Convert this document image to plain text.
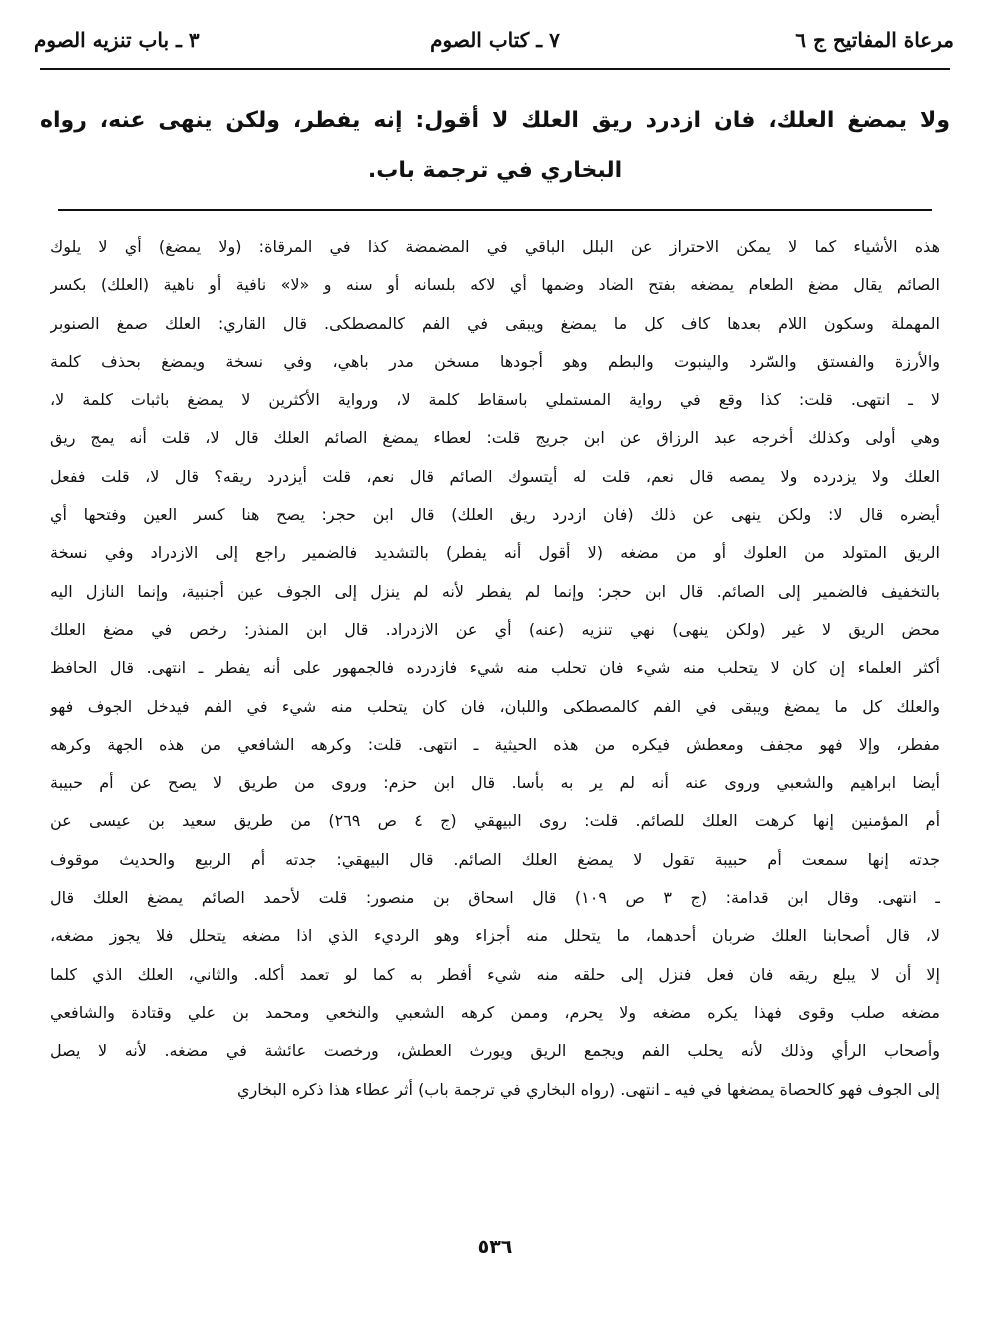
مرعاة المفاتيح ج ٦
٧ ـ كتاب الصوم
٣ ـ باب تنزيه الصوم
ولا يمضغ العلك، فان ازدرد ريق العلك لا أقول: إنه يفطر، ولكن ينهى عنه، رواه البخاري في ترجمة باب.
هذه الأشياء كما لا يمكن الاحتراز عن البلل الباقي في المضمضة كذا في المرقاة: (ولا يمضغ) أي لا يلوك
الصائم يقال مضغ الطعام يمضغه بفتح الضاد وضمها أي لاكه بلسانه أو سنه و «لا» نافية أو ناهية (العلك) بكسر
المهملة وسكون اللام بعدها كاف كل ما يمضغ ويبقى في الفم كالمصطكى. قال القاري: العلك صمغ الصنوبر
والأرزة والفستق والسّرد والينبوت والبطم وهو أجودها مسخن مدر باهي، وفي نسخة ويمضغ بحذف كلمة
لا ـ انتهى. قلت: كذا وقع في رواية المستملي باسقاط كلمة لا، ورواية الأكثرين لا يمضغ باثبات كلمة لا،
وهي أولى وكذلك أخرجه عبد الرزاق عن ابن جريج قلت: لعطاء يمضغ الصائم العلك قال لا، قلت أنه يمج ريق
العلك ولا يزدرده ولا يمصه قال نعم، قلت له أيتسوك الصائم قال نعم، قلت أيزدرد ريقه؟ قال لا، قلت ففعل
أيضره قال لا: ولكن ينهى عن ذلك (فان ازدرد ريق العلك) قال ابن حجر: يصح هنا كسر العين وفتحها أي
الريق المتولد من العلوك أو من مضغه (لا أقول أنه يفطر) بالتشديد فالضمير راجع إلى الازدراد وفي نسخة
بالتخفيف فالضمير إلى الصائم. قال ابن حجر: وإنما لم يفطر لأنه لم ينزل إلى الجوف عين أجنبية، وإنما النازل اليه
محض الريق لا غير (ولكن ينهى) نهي تنزيه (عنه) أي عن الازدراد. قال ابن المنذر: رخص في مضغ العلك
أكثر العلماء إن كان لا يتحلب منه شيء فان تحلب منه شيء فازدرده فالجمهور على أنه يفطر ـ انتهى. قال الحافظ
والعلك كل ما يمضغ ويبقى في الفم كالمصطكى واللبان، فان كان يتحلب منه شيء في الفم فيدخل الجوف فهو
مفطر، وإلا فهو مجفف ومعطش فيكره من هذه الحيثية ـ انتهى. قلت: وكرهه الشافعي من هذه الجهة وكرهه
أيضا ابراهيم والشعبي وروى عنه أنه لم ير به بأسا. قال ابن حزم: وروى من طريق لا يصح عن أم حبيبة
أم المؤمنين إنها كرهت العلك للصائم. قلت: روى البيهقي (ج ٤ ص ٢٦٩) من طريق سعيد بن عيسى عن
جدته إنها سمعت أم حبيبة تقول لا يمضغ العلك الصائم. قال البيهقي: جدته أم الربيع والحديث موقوف
ـ انتهى. وقال ابن قدامة: (ج ٣ ص ١٠٩) قال اسحاق بن منصور: قلت لأحمد الصائم يمضغ العلك قال
لا، قال أصحابنا العلك ضربان أحدهما، ما يتحلل منه أجزاء وهو الرديء الذي اذا مضغه يتحلل فلا يجوز مضغه،
إلا أن لا يبلع ريقه فان فعل فنزل إلى حلقه منه شيء أفطر به كما لو تعمد أكله. والثاني، العلك الذي كلما
مضغه صلب وقوى فهذا يكره مضغه ولا يحرم، وممن كرهه الشعبي والنخعي ومحمد بن علي وقتادة والشافعي
وأصحاب الرأي وذلك لأنه يحلب الفم ويجمع الريق ويورث العطش، ورخصت عائشة في مضغه. لأنه لا يصل
إلى الجوف فهو كالحصاة يمضغها في فيه ـ انتهى. (رواه البخاري في ترجمة باب) أثر عطاء هذا ذكره البخاري
٥٣٦
